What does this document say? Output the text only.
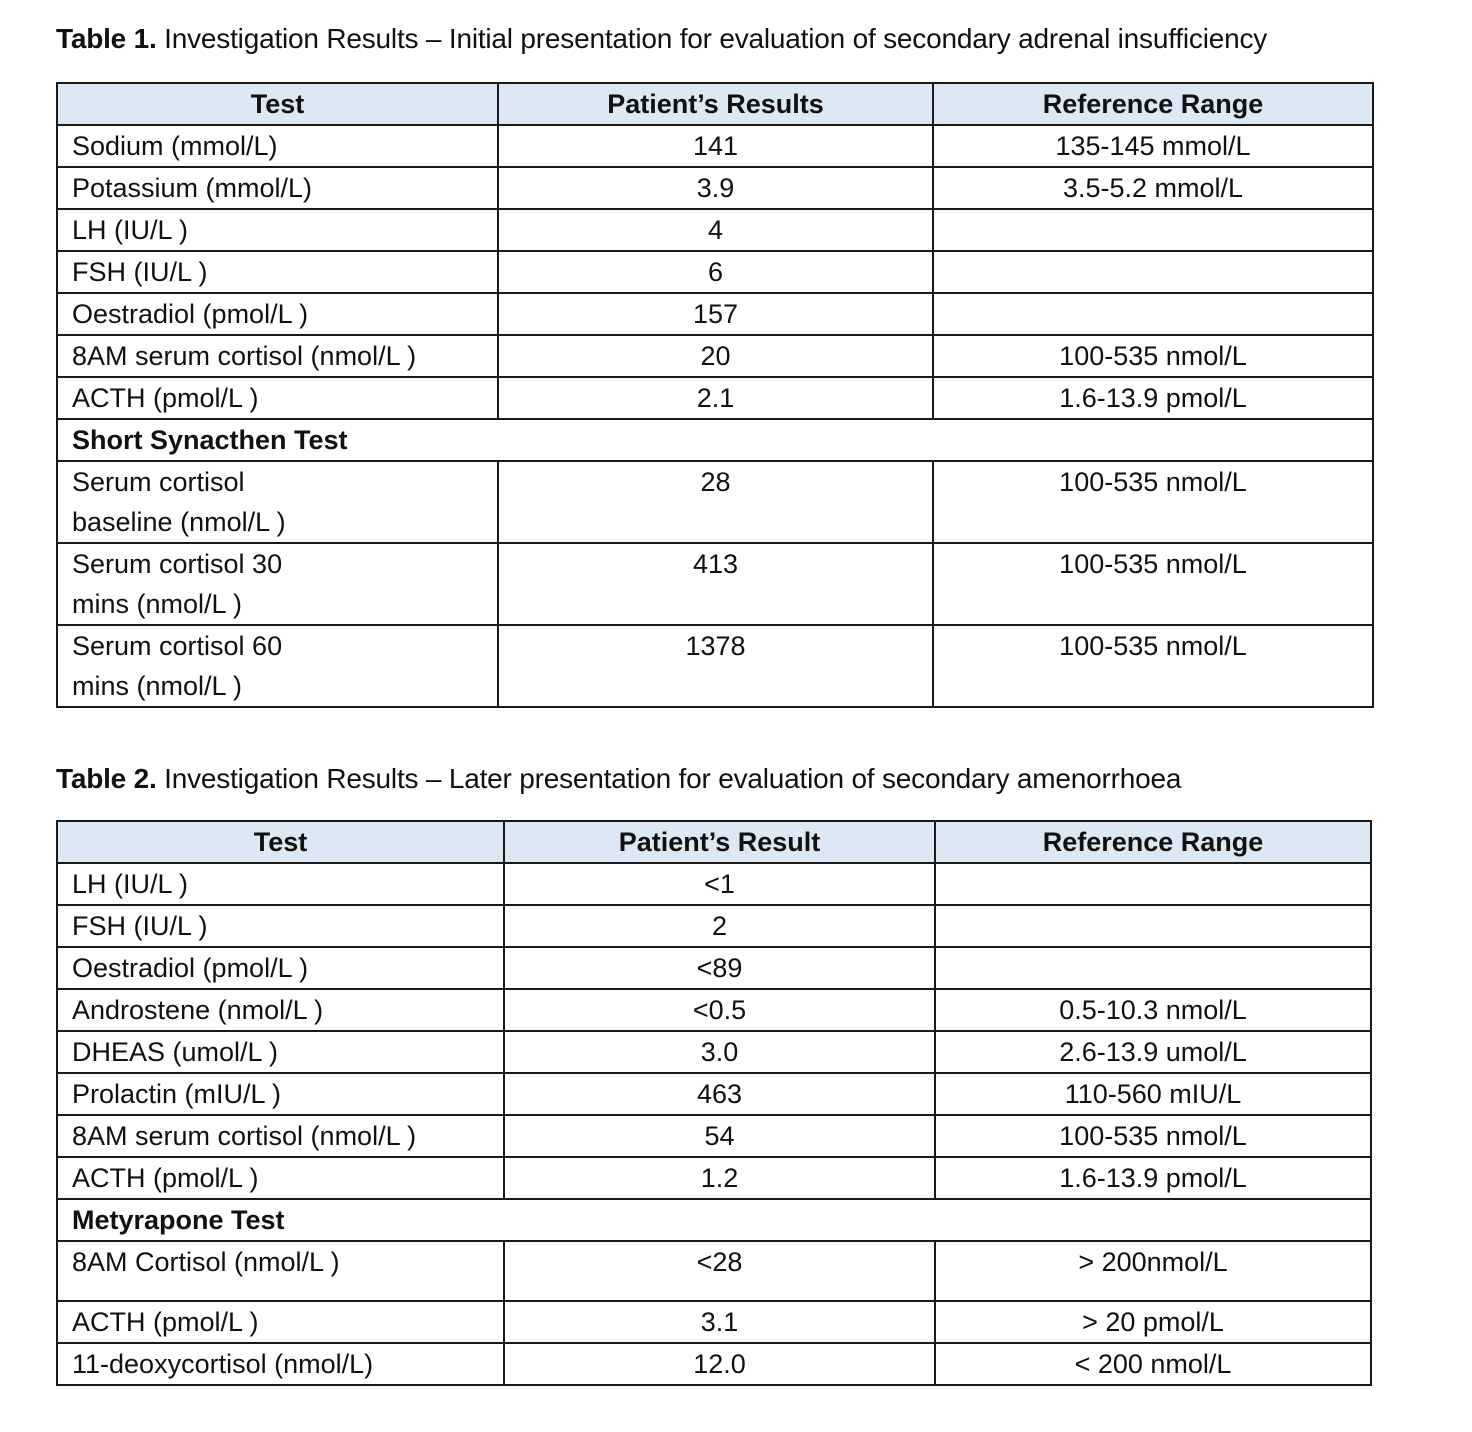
Table 1. Investigation Results – Initial presentation for evaluation of secondary adrenal insufficiency
Test	Patient’s Results	Reference Range
Sodium (mmol/L)	141	135-145 mmol/L
Potassium (mmol/L)	3.9	3.5-5.2 mmol/L
LH (IU/L )	4	
FSH (IU/L )	6	
Oestradiol (pmol/L )	157	
8AM serum cortisol (nmol/L )	20	100-535 nmol/L
ACTH (pmol/L )	2.1	1.6-13.9 pmol/L
Short Synacthen Test		
Serum cortisol
baseline (nmol/L )	28	100-535 nmol/L
Serum cortisol 30
mins (nmol/L )	413	100-535 nmol/L
Serum cortisol 60
mins (nmol/L )	1378	100-535 nmol/L
Table 2. Investigation Results – Later presentation for evaluation of secondary amenorrhoea
Test	Patient’s Result	Reference Range
LH (IU/L )	<1	
FSH (IU/L )	2	
Oestradiol (pmol/L )	<89	
Androstene (nmol/L )	<0.5	0.5-10.3 nmol/L
DHEAS (umol/L )	3.0	2.6-13.9 umol/L
Prolactin (mIU/L )	463	110-560 mIU/L
8AM serum cortisol (nmol/L )	54	100-535 nmol/L
ACTH (pmol/L )	1.2	1.6-13.9 pmol/L
Metyrapone Test		
8AM Cortisol (nmol/L )	<28	> 200nmol/L
ACTH (pmol/L )	3.1	> 20 pmol/L
11-deoxycortisol (nmol/L)	12.0	< 200 nmol/L
